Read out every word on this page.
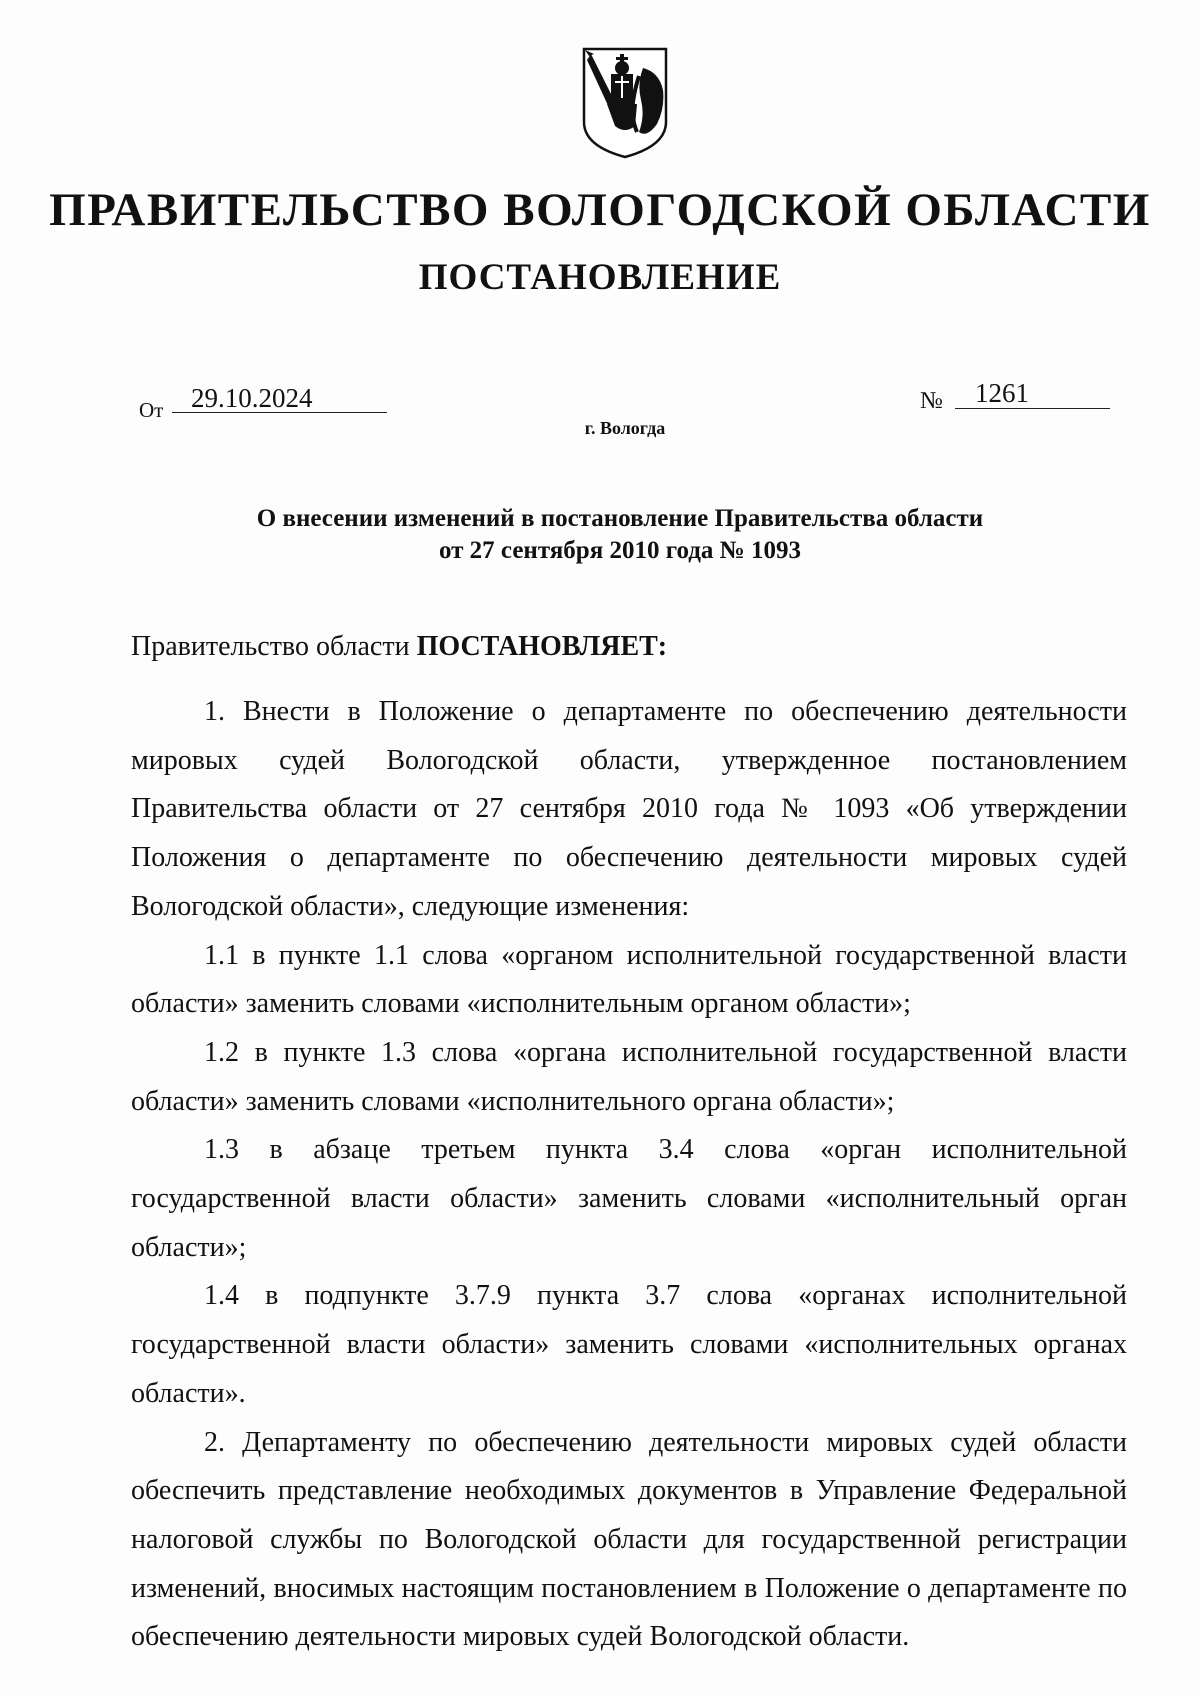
ПРАВИТЕЛЬСТВО ВОЛОГОДСКОЙ ОБЛАСТИ
ПОСТАНОВЛЕНИЕ
От 29.10.2024	№ 1261
г. Вологда
О внесении изменений в постановление Правительства области
от 27 сентября 2010 года № 1093
Правительство области ПОСТАНОВЛЯЕТ:

1. Внести в Положение о департаменте по обеспечению деятельности мировых судей Вологодской области, утвержденное постановлением Правительства области от 27 сентября 2010 года № 1093 «Об утверждении Положения о департаменте по обеспечению деятельности мировых судей Вологодской области», следующие изменения:

1.1 в пункте 1.1 слова «органом исполнительной государственной власти области» заменить словами «исполнительным органом области»;

1.2 в пункте 1.3 слова «органа исполнительной государственной власти области» заменить словами «исполнительного органа области»;

1.3 в абзаце третьем пункта 3.4 слова «орган исполнительной государственной власти области» заменить словами «исполнительный орган области»;

1.4 в подпункте 3.7.9 пункта 3.7 слова «органах исполнительной государственной власти области» заменить словами «исполнительных органах области».

2. Департаменту по обеспечению деятельности мировых судей области обеспечить представление необходимых документов в Управление Федеральной налоговой службы по Вологодской области для государственной регистрации изменений, вносимых настоящим постановлением в Положение о департаменте по обеспечению деятельности мировых судей Вологодской области.
